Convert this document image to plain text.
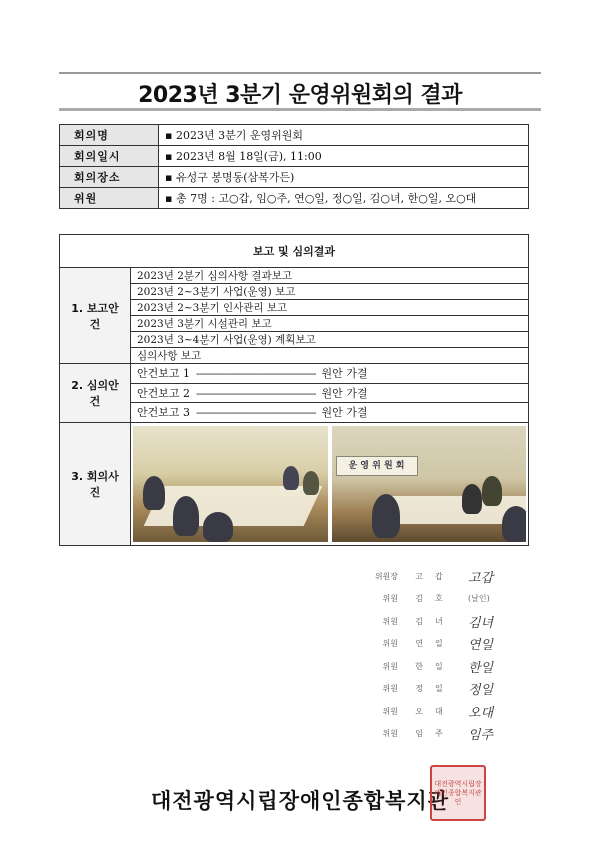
2023년 3분기 운영위원회의 결과
회의명	▪ 2023년 3분기 운영위원회
회의일시	▪ 2023년 8월 18일(금), 11:00
회의장소	▪ 유성구 봉명동(삼복가든)
위원	▪ 총 7명 : 고○갑, 임○주, 연○일, 정○일, 김○녀, 한○일, 오○대
보고 및 심의결과	
1. 보고안건	2023년 2분기 심의사항 결과보고
	2023년 2~3분기 사업(운영) 보고
	2023년 2~3분기 인사관리 보고
	2023년 3분기 시설관리 보고
	2023년 3~4분기 사업(운영) 계획보고
	심의사항 보고
2. 심의안건	안건보고 1 -------------------------------------------- 원안 가결
	안건보고 2 -------------------------------------------- 원안 가결
	안건보고 3 -------------------------------------------- 원안 가결
3. 회의사진	운 영 위 원 회
위원장	고갑	고갑
위원	김호	(날인)
위원	김녀	김녀
위원	연일	연일
위원	한일	한일
위원	정일	정일
위원	오대	오대
위원	임주	임주
대전광역시립장애인종합복지관
대전광역시립장애인종합복지관인
